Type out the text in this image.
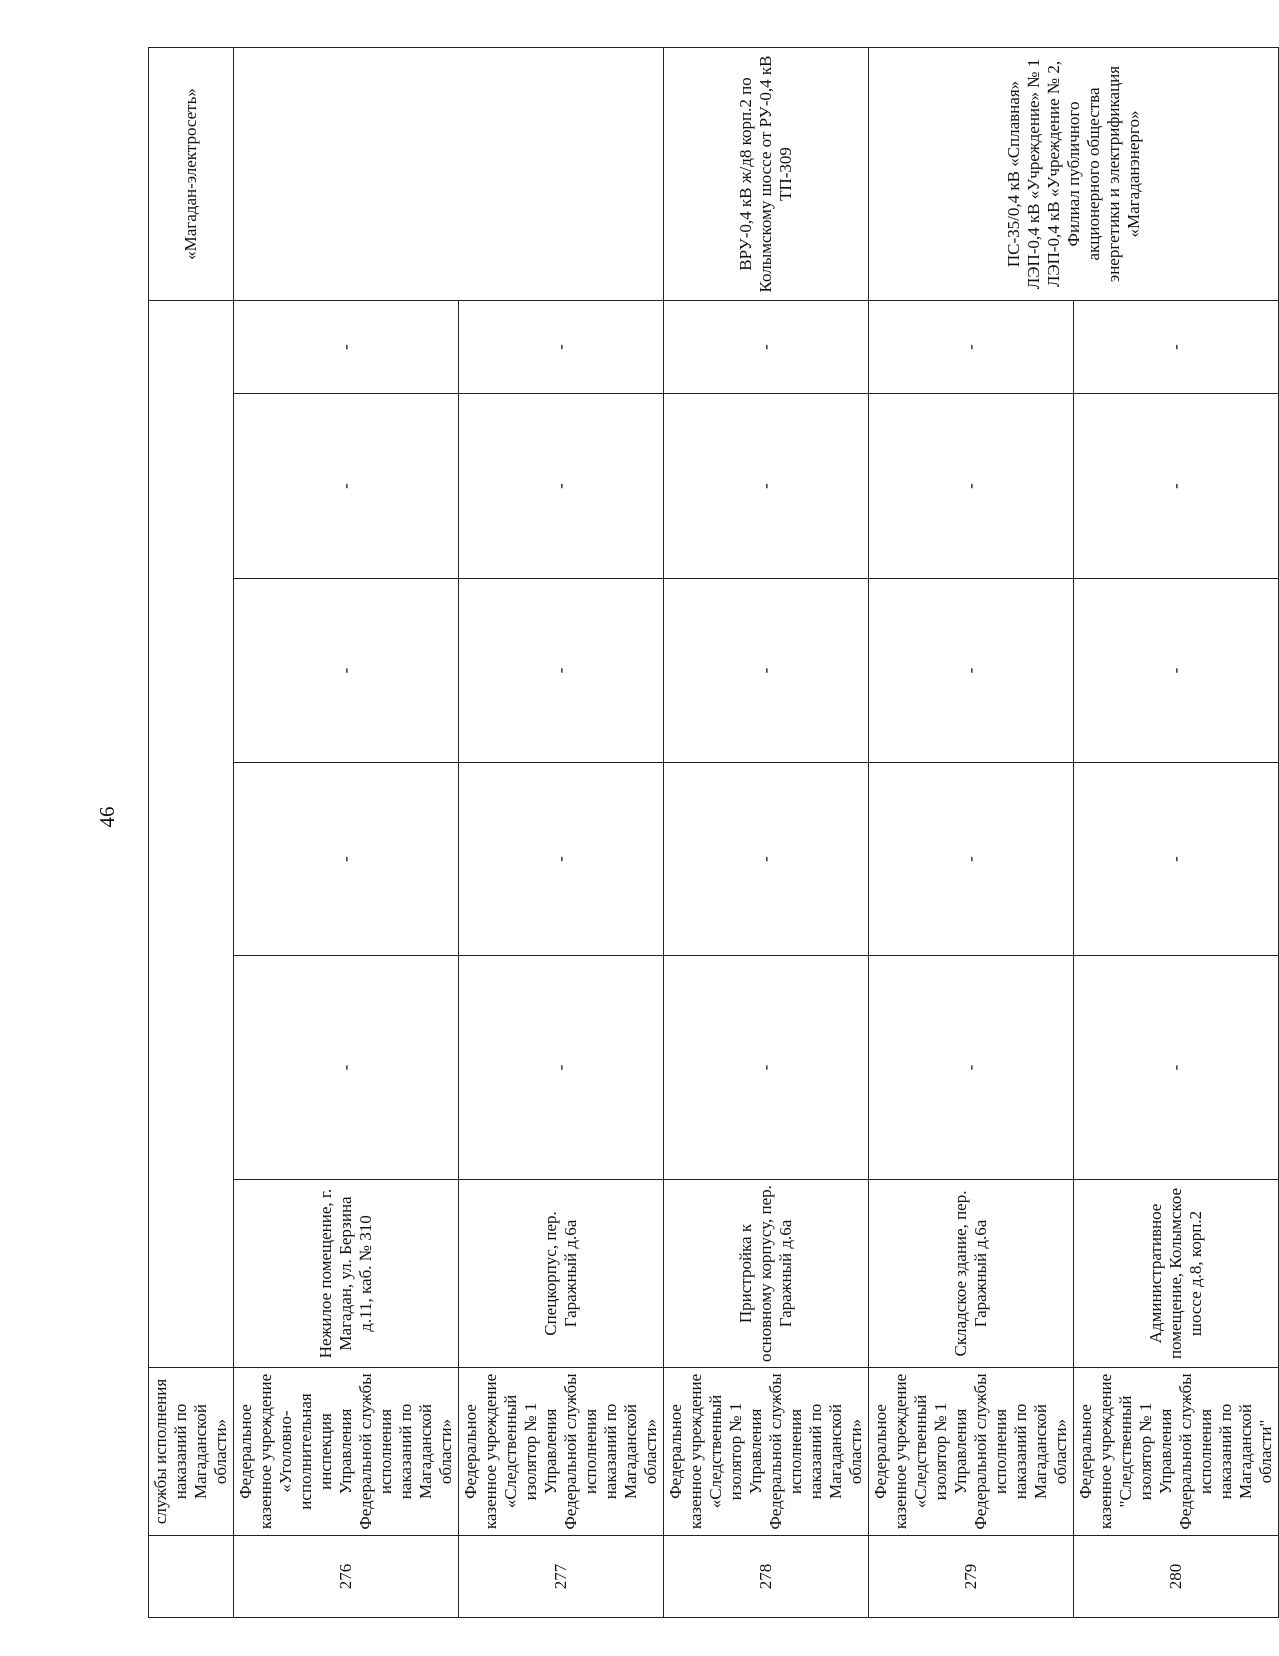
46
	службы исполнения наказаний по Магаданской области»							«Магадан-электросеть»
276	Федеральное казенное учреждение «Уголовно-исполнительная инспекция Управления Федеральной службы исполнения наказаний по Магаданской области»	Нежилое помещение, г. Магадан, ул. Берзина д.11, каб. № 310	-	-	-	-	-	
277	Федеральное казенное учреждение «Следственный изолятор № 1 Управления Федеральной службы исполнения наказаний по Магаданской области»	Спецкорпус, пер. Гаражный д.6а	-	-	-	-	-	
278	Федеральное казенное учреждение «Следственный изолятор № 1 Управления Федеральной службы исполнения наказаний по Магаданской области»	Пристройка к основному корпусу, пер. Гаражный д.6а	-	-	-	-	-	ВРУ-0,4 кВ ж/д8 корп.2 по Колымскому шоссе от РУ-0,4 кВ ТП-309
279	Федеральное казенное учреждение «Следственный изолятор № 1 Управления Федеральной службы исполнения наказаний по Магаданской области»	Складское здание, пер. Гаражный д.6а	-	-	-	-	-	ПС-35/0,4 кВ «Сплавная» ЛЭП-0,4 кВ «Учреждение» № 1 ЛЭП-0,4 кВ «Учреждение № 2, Филиал публичного акционерного общества энергетики и электрификация «Магаданэнерго»
280	Федеральное казенное учреждение "Следственный изолятор № 1 Управления Федеральной службы исполнения наказаний по Магаданской области"	Административное помещение, Колымское шоссе д.8, корп.2	-	-	-	-	-	
